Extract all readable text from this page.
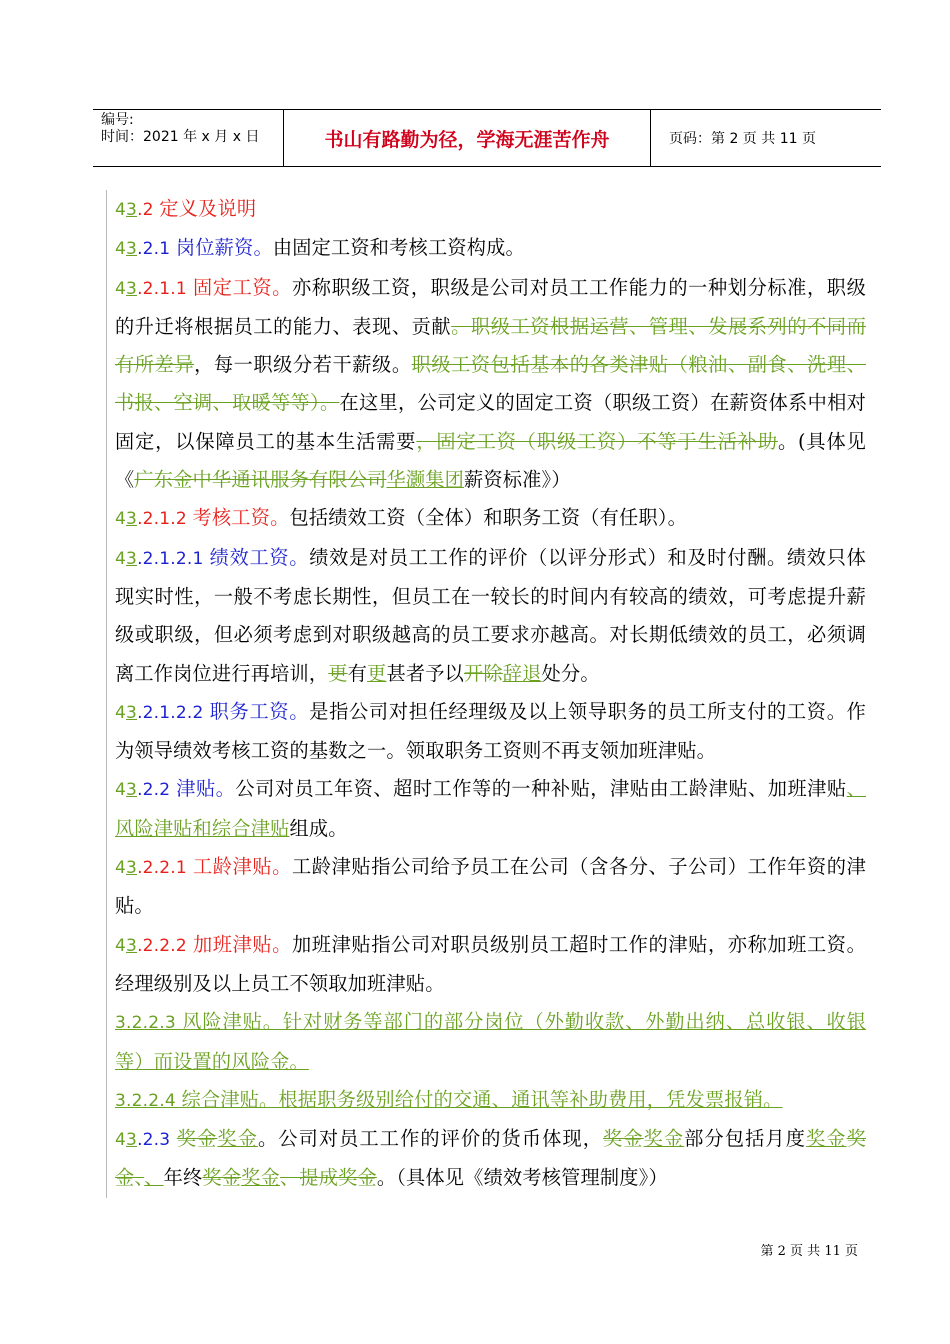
编号:
时间：2021 年 x 月 x 日	书山有路勤为径，学海无涯苦作舟	页码：第 2 页 共 11 页
43.2 定义及说明
43.2.1 岗位薪资。由固定工资和考核工资构成。
43.2.1.1 固定工资。亦称职级工资，职级是公司对员工工作能力的一种划分标准，职级的升迁将根据员工的能力、表现、贡献。职级工资根据运营、管理、发展系列的不同而有所差异，每一职级分若干薪级。职级工资包括基本的各类津贴（粮油、副食、洗理、书报、空调、取暖等等）。在这里，公司定义的固定工资（职级工资）在薪资体系中相对固定，以保障员工的基本生活需要，固定工资（职级工资）不等于生活补助。(具体见《广东金中华通讯服务有限公司华灏集团薪资标准》）
43.2.1.2 考核工资。包括绩效工资（全体）和职务工资（有任职）。
43.2.1.2.1 绩效工资。绩效是对员工工作的评价（以评分形式）和及时付酬。绩效只体现实时性，一般不考虑长期性，但员工在一较长的时间内有较高的绩效，可考虑提升薪级或职级，但必须考虑到对职级越高的员工要求亦越高。对长期低绩效的员工，必须调离工作岗位进行再培训，更有更甚者予以开除辞退处分。
43.2.1.2.2 职务工资。是指公司对担任经理级及以上领导职务的员工所支付的工资。作为领导绩效考核工资的基数之一。领取职务工资则不再支领加班津贴。
43.2.2 津贴。公司对员工年资、超时工作等的一种补贴，津贴由工龄津贴、加班津贴、风险津贴和综合津贴组成。
43.2.2.1 工龄津贴。工龄津贴指公司给予员工在公司（含各分、子公司）工作年资的津贴。
43.2.2.2 加班津贴。加班津贴指公司对职员级别员工超时工作的津贴，亦称加班工资。经理级别及以上员工不领取加班津贴。
3.2.2.3 风险津贴。针对财务等部门的部分岗位（外勤收款、外勤出纳、总收银、收银等）而设置的风险金。
3.2.2.4 综合津贴。根据职务级别给付的交通、通讯等补助费用，凭发票报销。
43.2.3 奖金奖金。公司对员工工作的评价的货币体现，奖金奖金部分包括月度奖金奖金、、年终奖金奖金、提成奖金。（具体见《绩效考核管理制度》）
第 2 页 共 11 页
